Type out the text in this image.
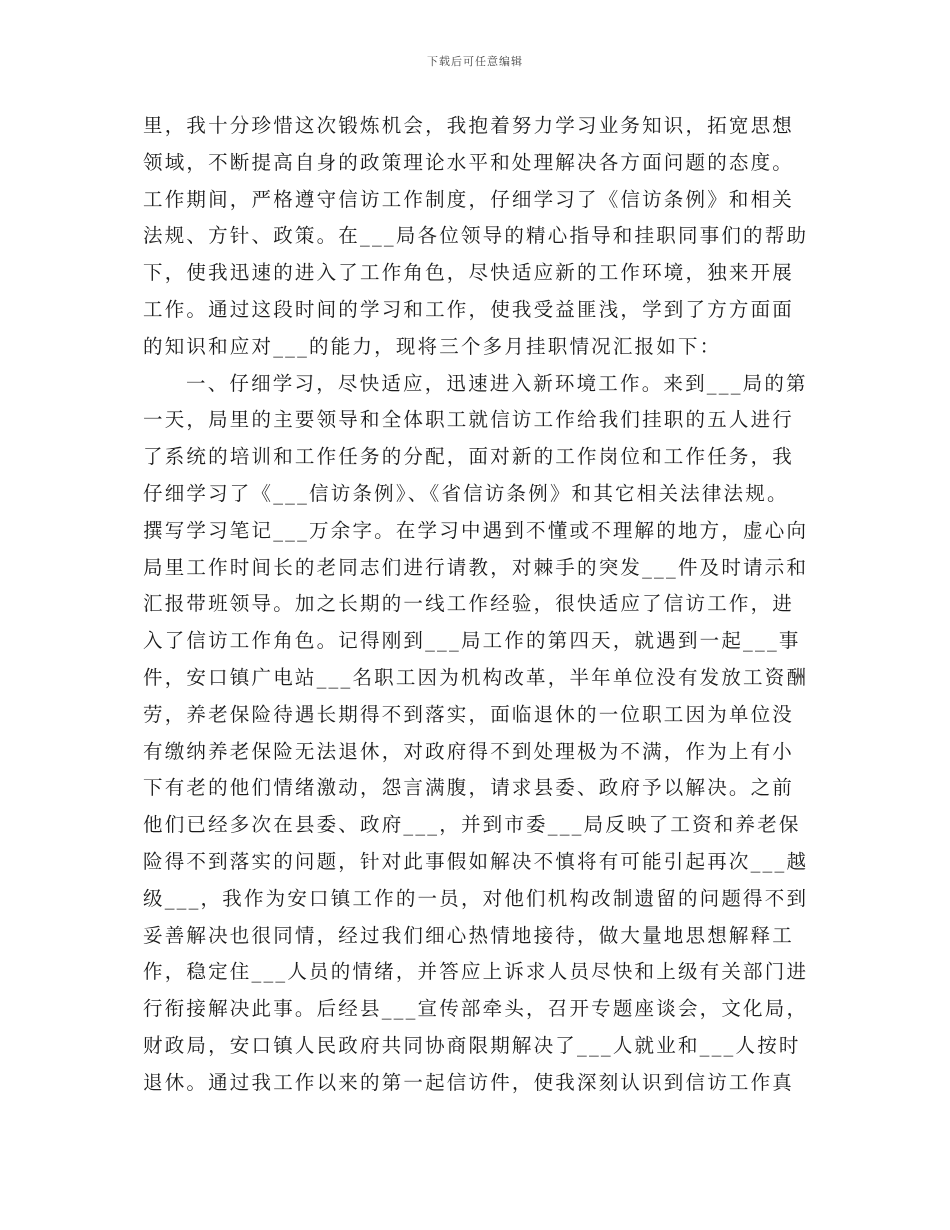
下载后可任意编辑
里，我十分珍惜这次锻炼机会，我抱着努力学习业务知识，拓宽思想
领域，不断提高自身的政策理论水平和处理解决各方面问题的态度。
工作期间，严格遵守信访工作制度，仔细学习了《信访条例》和相关
法规、方针、政策。在___局各位领导的精心指导和挂职同事们的帮助
下，使我迅速的进入了工作角色，尽快适应新的工作环境，独来开展
工作。通过这段时间的学习和工作，使我受益匪浅，学到了方方面面
的知识和应对___的能力，现将三个多月挂职情况汇报如下：
一、仔细学习，尽快适应，迅速进入新环境工作。来到___局的第
一天，局里的主要领导和全体职工就信访工作给我们挂职的五人进行
了系统的培训和工作任务的分配，面对新的工作岗位和工作任务，我
仔细学习了《___信访条例》、《省信访条例》和其它相关法律法规。
撰写学习笔记___万余字。在学习中遇到不懂或不理解的地方，虚心向
局里工作时间长的老同志们进行请教，对棘手的突发___件及时请示和
汇报带班领导。加之长期的一线工作经验，很快适应了信访工作，进
入了信访工作角色。记得刚到___局工作的第四天，就遇到一起___事
件，安口镇广电站___名职工因为机构改革，半年单位没有发放工资酬
劳，养老保险待遇长期得不到落实，面临退休的一位职工因为单位没
有缴纳养老保险无法退休，对政府得不到处理极为不满，作为上有小
下有老的他们情绪激动，怨言满腹，请求县委、政府予以解决。之前
他们已经多次在县委、政府___，并到市委___局反映了工资和养老保
险得不到落实的问题，针对此事假如解决不慎将有可能引起再次___越
级___，我作为安口镇工作的一员，对他们机构改制遗留的问题得不到
妥善解决也很同情，经过我们细心热情地接待，做大量地思想解释工
作，稳定住___人员的情绪，并答应上诉求人员尽快和上级有关部门进
行衔接解决此事。后经县___宣传部牵头，召开专题座谈会，文化局，
财政局，安口镇人民政府共同协商限期解决了___人就业和___人按时
退休。通过我工作以来的第一起信访件，使我深刻认识到信访工作真
